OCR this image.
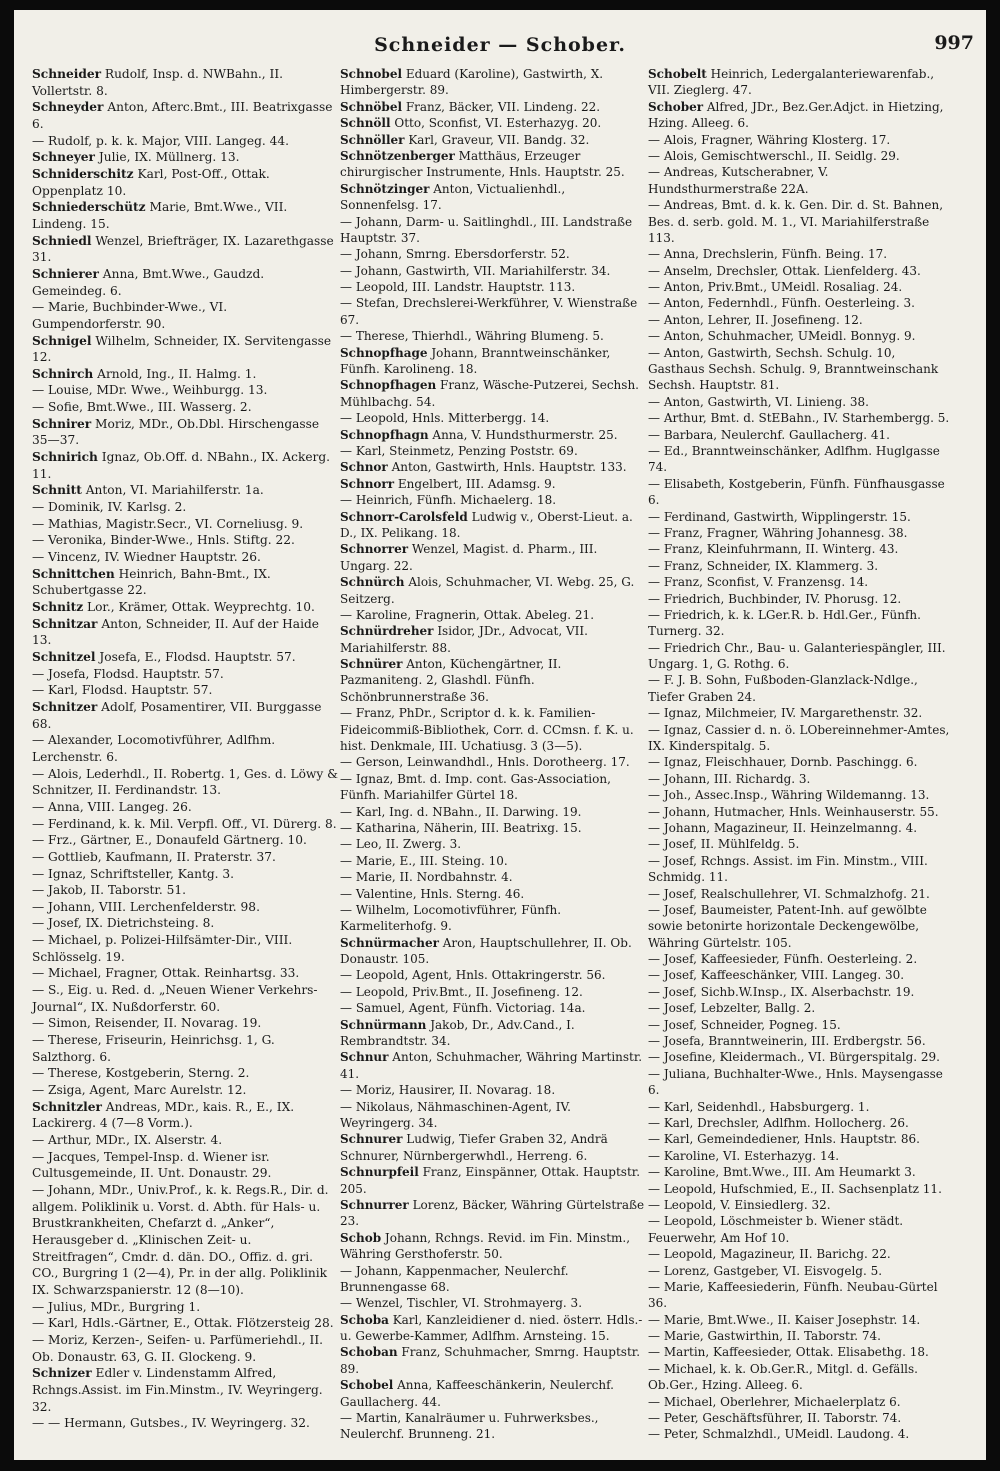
Schneider — Schober.	997

Schneider Rudolf, Insp. d. NWBahn., II. Vollertstr. 8.

Schneyder Anton, Afterc.Bmt., III. Beatrixgasse 6.

— Rudolf, p. k. k. Major, VIII. Langeg. 44.

Schneyer Julie, IX. Müllnerg. 13.

Schniderschitz Karl, Post-Off., Ottak. Oppenplatz 10.

Schniederschütz Marie, Bmt.Wwe., VII. Lindeng. 15.

Schniedl Wenzel, Briefträger, IX. Lazarethgasse 31.

Schnierer Anna, Bmt.Wwe., Gaudzd. Gemeindeg. 6.

— Marie, Buchbinder-Wwe., VI. Gumpendorferstr. 90.

Schnigel Wilhelm, Schneider, IX. Servitengasse 12.

Schnirch Arnold, Ing., II. Halmg. 1.

— Louise, MDr. Wwe., Weihburgg. 13.

— Sofie, Bmt.Wwe., III. Wasserg. 2.

Schnirer Moriz, MDr., Ob.Dbl. Hirschengasse 35—37.

Schnirich Ignaz, Ob.Off. d. NBahn., IX. Ackerg. 11.

Schnitt Anton, VI. Mariahilferstr. 1a.

— Dominik, IV. Karlsg. 2.

— Mathias, Magistr.Secr., VI. Corneliusg. 9.

— Veronika, Binder-Wwe., Hnls. Stiftg. 22.

— Vincenz, IV. Wiedner Hauptstr. 26.

Schnittchen Heinrich, Bahn-Bmt., IX. Schubertgasse 22.

Schnitz Lor., Krämer, Ottak. Weyprechtg. 10.

Schnitzar Anton, Schneider, II. Auf der Haide 13.

Schnitzel Josefa, E., Flodsd. Hauptstr. 57.

— Josefa, Flodsd. Hauptstr. 57.

— Karl, Flodsd. Hauptstr. 57.

Schnitzer Adolf, Posamentirer, VII. Burggasse 68.

— Alexander, Locomotivführer, Adlfhm. Lerchenstr. 6.

— Alois, Lederhdl., II. Robertg. 1, Ges. d. Löwy & Schnitzer, II. Ferdinandstr. 13.

— Anna, VIII. Langeg. 26.

— Ferdinand, k. k. Mil. Verpfl. Off., VI. Dürerg. 8.

— Frz., Gärtner, E., Donaufeld Gärtnerg. 10.

— Gottlieb, Kaufmann, II. Praterstr. 37.

— Ignaz, Schriftsteller, Kantg. 3.

— Jakob, II. Taborstr. 51.

— Johann, VIII. Lerchenfelderstr. 98.

— Josef, IX. Dietrichsteing. 8.

— Michael, p. Polizei-Hilfsämter-Dir., VIII. Schlösselg. 19.

— Michael, Fragner, Ottak. Reinhartsg. 33.

— S., Eig. u. Red. d. „Neuen Wiener Verkehrs-Journal“, IX. Nußdorferstr. 60.

— Simon, Reisender, II. Novarag. 19.

— Therese, Friseurin, Heinrichsg. 1, G. Salzthorg. 6.

— Therese, Kostgeberin, Sterng. 2.

— Zsiga, Agent, Marc Aurelstr. 12.

Schnitzler Andreas, MDr., kais. R., E., IX. Lackirerg. 4 (7—8 Vorm.).

— Arthur, MDr., IX. Alserstr. 4.

— Jacques, Tempel-Insp. d. Wiener isr. Cultusgemeinde, II. Unt. Donaustr. 29.

— Johann, MDr., Univ.Prof., k. k. Regs.R., Dir. d. allgem. Poliklinik u. Vorst. d. Abth. für Hals- u. Brustkrankheiten, Chefarzt d. „Anker“, Herausgeber d. „Klinischen Zeit- u. Streitfragen“, Cmdr. d. dän. DO., Offiz. d. gri. CO., Burgring 1 (2—4), Pr. in der allg. Poliklinik IX. Schwarzspanierstr. 12 (8—10).

— Julius, MDr., Burgring 1.

— Karl, Hdls.-Gärtner, E., Ottak. Flötzersteig 28.

— Moriz, Kerzen-, Seifen- u. Parfümeriehdl., II. Ob. Donaustr. 63, G. II. Glockeng. 9.

Schnizer Edler v. Lindenstamm Alfred, Rchngs.Assist. im Fin.Minstm., IV. Weyringerg. 32.

— — Hermann, Gutsbes., IV. Weyringerg. 32.

Schnobel Eduard (Karoline), Gastwirth, X. Himbergerstr. 89.

Schnöbel Franz, Bäcker, VII. Lindeng. 22.

Schnöll Otto, Sconfist, VI. Esterhazyg. 20.

Schnöller Karl, Graveur, VII. Bandg. 32.

Schnötzenberger Matthäus, Erzeuger chirurgischer Instrumente, Hnls. Hauptstr. 25.

Schnötzinger Anton, Victualienhdl., Sonnenfelsg. 17.

— Johann, Darm- u. Saitlinghdl., III. Landstraße Hauptstr. 37.

— Johann, Smrng. Ebersdorferstr. 52.

— Johann, Gastwirth, VII. Mariahilferstr. 34.

— Leopold, III. Landstr. Hauptstr. 113.

— Stefan, Drechslerei-Werkführer, V. Wienstraße 67.

— Therese, Thierhdl., Währing Blumeng. 5.

Schnopfhage Johann, Branntweinschänker, Fünfh. Karolineng. 18.

Schnopfhagen Franz, Wäsche-Putzerei, Sechsh. Mühlbachg. 54.

— Leopold, Hnls. Mitterbergg. 14.

Schnopfhagn Anna, V. Hundsthurmerstr. 25.

— Karl, Steinmetz, Penzing Poststr. 69.

Schnor Anton, Gastwirth, Hnls. Hauptstr. 133.

Schnorr Engelbert, III. Adamsg. 9.

— Heinrich, Fünfh. Michaelerg. 18.

Schnorr-Carolsfeld Ludwig v., Oberst-Lieut. a. D., IX. Pelikang. 18.

Schnorrer Wenzel, Magist. d. Pharm., III. Ungarg. 22.

Schnürch Alois, Schuhmacher, VI. Webg. 25, G. Seitzerg.

— Karoline, Fragnerin, Ottak. Abeleg. 21.

Schnürdreher Isidor, JDr., Advocat, VII. Mariahilferstr. 88.

Schnürer Anton, Küchengärtner, II. Pazmaniteng. 2, Glashdl. Fünfh. Schönbrunnerstraße 36.

— Franz, PhDr., Scriptor d. k. k. Familien-Fideicommiß-Bibliothek, Corr. d. CCmsn. f. K. u. hist. Denkmale, III. Uchatiusg. 3 (3—5).

— Gerson, Leinwandhdl., Hnls. Dorotheerg. 17.

— Ignaz, Bmt. d. Imp. cont. Gas-Association, Fünfh. Mariahilfer Gürtel 18.

— Karl, Ing. d. NBahn., II. Darwing. 19.

— Katharina, Näherin, III. Beatrixg. 15.

— Leo, II. Zwerg. 3.

— Marie, E., III. Steing. 10.

— Marie, II. Nordbahnstr. 4.

— Valentine, Hnls. Sterng. 46.

— Wilhelm, Locomotivführer, Fünfh. Karmeliterhofg. 9.

Schnürmacher Aron, Hauptschullehrer, II. Ob. Donaustr. 105.

— Leopold, Agent, Hnls. Ottakringerstr. 56.

— Leopold, Priv.Bmt., II. Josefineng. 12.

— Samuel, Agent, Fünfh. Victoriag. 14a.

Schnürmann Jakob, Dr., Adv.Cand., I. Rembrandtstr. 34.

Schnur Anton, Schuhmacher, Währing Martinstr. 41.

— Moriz, Hausirer, II. Novarag. 18.

— Nikolaus, Nähmaschinen-Agent, IV. Weyringerg. 34.

Schnurer Ludwig, Tiefer Graben 32, Andrä Schnurer, Nürnbergerwhdl., Herreng. 6.

Schnurpfeil Franz, Einspänner, Ottak. Hauptstr. 205.

Schnurrer Lorenz, Bäcker, Währing Gürtelstraße 23.

Schob Johann, Rchngs. Revid. im Fin. Minstm., Währing Gersthoferstr. 50.

— Johann, Kappenmacher, Neulerchf. Brunnengasse 68.

— Wenzel, Tischler, VI. Strohmayerg. 3.

Schoba Karl, Kanzleidiener d. nied. österr. Hdls.- u. Gewerbe-Kammer, Adlfhm. Arnsteing. 15.

Schoban Franz, Schuhmacher, Smrng. Hauptstr. 89.

Schobel Anna, Kaffeeschänkerin, Neulerchf. Gaullacherg. 44.

— Martin, Kanalräumer u. Fuhrwerksbes., Neulerchf. Brunneng. 21.

Schobelt Heinrich, Ledergalanteriewarenfab., VII. Zieglerg. 47.

Schober Alfred, JDr., Bez.Ger.Adjct. in Hietzing, Hzing. Alleeg. 6.

— Alois, Fragner, Währing Klosterg. 17.

— Alois, Gemischtwerschl., II. Seidlg. 29.

— Andreas, Kutscherabner, V. Hundsthurmerstraße 22A.

— Andreas, Bmt. d. k. k. Gen. Dir. d. St. Bahnen, Bes. d. serb. gold. M. 1., VI. Mariahilferstraße 113.

— Anna, Drechslerin, Fünfh. Being. 17.

— Anselm, Drechsler, Ottak. Lienfelderg. 43.

— Anton, Priv.Bmt., UMeidl. Rosaliag. 24.

— Anton, Federnhdl., Fünfh. Oesterleing. 3.

— Anton, Lehrer, II. Josefineng. 12.

— Anton, Schuhmacher, UMeidl. Bonnyg. 9.

— Anton, Gastwirth, Sechsh. Schulg. 10, Gasthaus Sechsh. Schulg. 9, Branntweinschank Sechsh. Hauptstr. 81.

— Anton, Gastwirth, VI. Linieng. 38.

— Arthur, Bmt. d. StEBahn., IV. Starhembergg. 5.

— Barbara, Neulerchf. Gaullacherg. 41.

— Ed., Branntweinschänker, Adlfhm. Huglgasse 74.

— Elisabeth, Kostgeberin, Fünfh. Fünfhausgasse 6.

— Ferdinand, Gastwirth, Wipplingerstr. 15.

— Franz, Fragner, Währing Johannesg. 38.

— Franz, Kleinfuhrmann, II. Winterg. 43.

— Franz, Schneider, IX. Klammerg. 3.

— Franz, Sconfist, V. Franzensg. 14.

— Friedrich, Buchbinder, IV. Phorusg. 12.

— Friedrich, k. k. LGer.R. b. Hdl.Ger., Fünfh. Turnerg. 32.

— Friedrich Chr., Bau- u. Galanteriespängler, III. Ungarg. 1, G. Rothg. 6.

— F. J. B. Sohn, Fußboden-Glanzlack-Ndlge., Tiefer Graben 24.

— Ignaz, Milchmeier, IV. Margarethenstr. 32.

— Ignaz, Cassier d. n. ö. LObereinnehmer-Amtes, IX. Kinderspitalg. 5.

— Ignaz, Fleischhauer, Dornb. Paschingg. 6.

— Johann, III. Richardg. 3.

— Joh., Assec.Insp., Währing Wildemanng. 13.

— Johann, Hutmacher, Hnls. Weinhauserstr. 55.

— Johann, Magazineur, II. Heinzelmanng. 4.

— Josef, II. Mühlfeldg. 5.

— Josef, Rchngs. Assist. im Fin. Minstm., VIII. Schmidg. 11.

— Josef, Realschullehrer, VI. Schmalzhofg. 21.

— Josef, Baumeister, Patent-Inh. auf gewölbte sowie betonirte horizontale Deckengewölbe, Währing Gürtelstr. 105.

— Josef, Kaffeesieder, Fünfh. Oesterleing. 2.

— Josef, Kaffeeschänker, VIII. Langeg. 30.

— Josef, Sichb.W.Insp., IX. Alserbachstr. 19.

— Josef, Lebzelter, Ballg. 2.

— Josef, Schneider, Pogneg. 15.

— Josefa, Branntweinerin, III. Erdbergstr. 56.

— Josefine, Kleidermach., VI. Bürgerspitalg. 29.

— Juliana, Buchhalter-Wwe., Hnls. Maysengasse 6.

— Karl, Seidenhdl., Habsburgerg. 1.

— Karl, Drechsler, Adlfhm. Hollocherg. 26.

— Karl, Gemeindediener, Hnls. Hauptstr. 86.

— Karoline, VI. Esterhazyg. 14.

— Karoline, Bmt.Wwe., III. Am Heumarkt 3.

— Leopold, Hufschmied, E., II. Sachsenplatz 11.

— Leopold, V. Einsiedlerg. 32.

— Leopold, Löschmeister b. Wiener städt. Feuerwehr, Am Hof 10.

— Leopold, Magazineur, II. Barichg. 22.

— Lorenz, Gastgeber, VI. Eisvogelg. 5.

— Marie, Kaffeesiederin, Fünfh. Neubau-Gürtel 36.

— Marie, Bmt.Wwe., II. Kaiser Josephstr. 14.

— Marie, Gastwirthin, II. Taborstr. 74.

— Martin, Kaffeesieder, Ottak. Elisabethg. 18.

— Michael, k. k. Ob.Ger.R., Mitgl. d. Gefälls. Ob.Ger., Hzing. Alleeg. 6.

— Michael, Oberlehrer, Michaelerplatz 6.

— Peter, Geschäftsführer, II. Taborstr. 74.

— Peter, Schmalzhdl., UMeidl. Laudong. 4.
